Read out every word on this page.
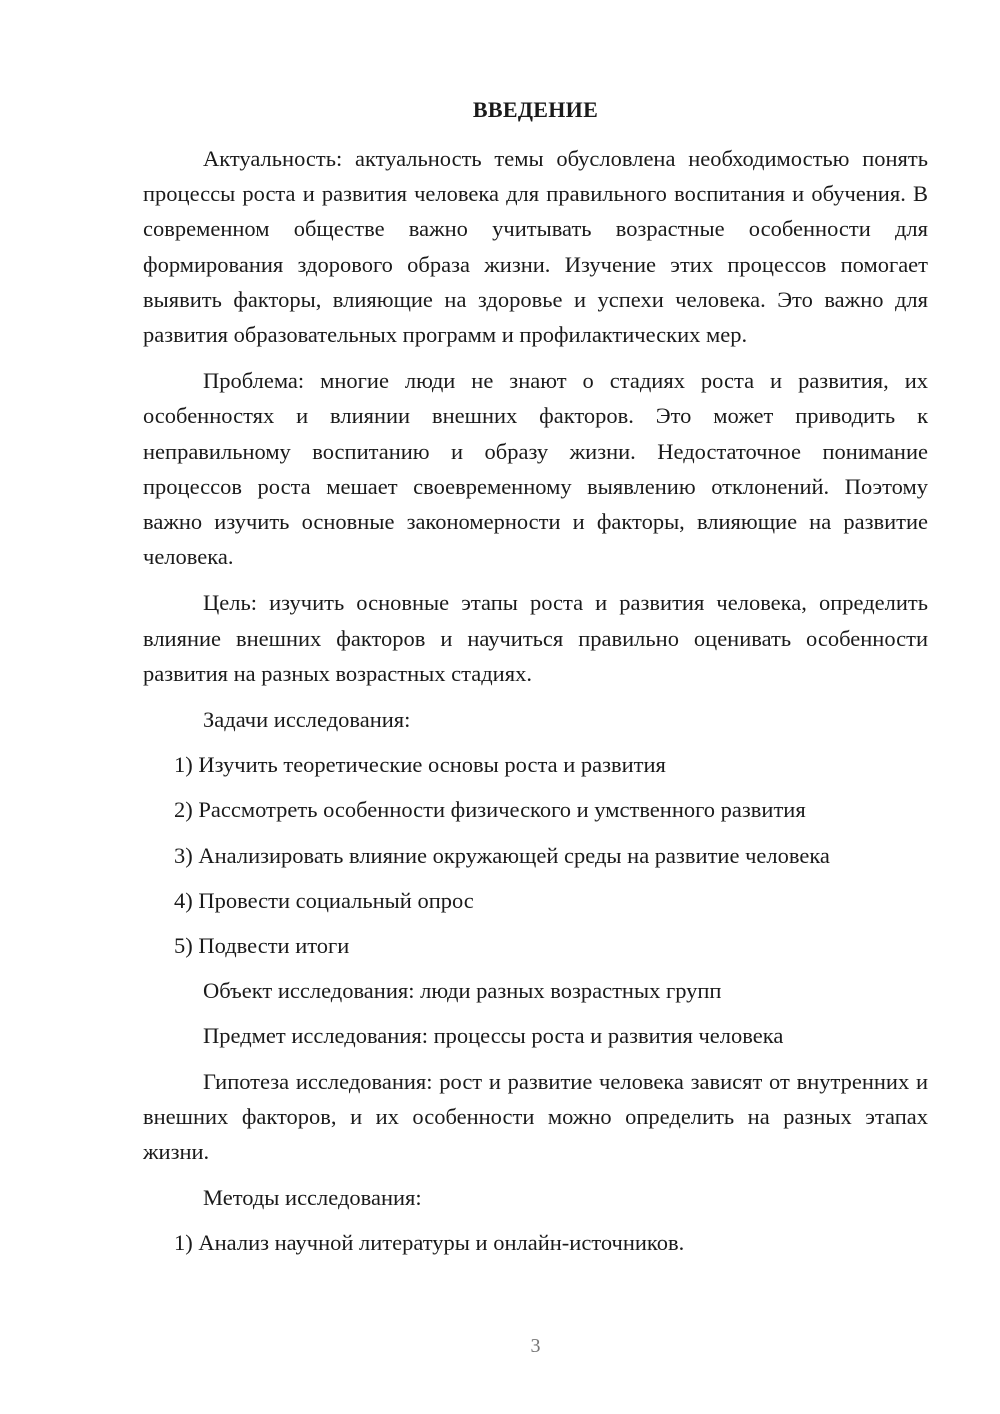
ВВЕДЕНИЕ

Актуальность: актуальность темы обусловлена необходимостью понять процессы роста и развития человека для правильного воспитания и обучения. В современном обществе важно учитывать возрастные особенности для формирования здорового образа жизни. Изучение этих процессов помогает выявить факторы, влияющие на здоровье и успехи человека. Это важно для развития образовательных программ и профилактических мер.

Проблема: многие люди не знают о стадиях роста и развития, их особенностях и влиянии внешних факторов. Это может приводить к неправильному воспитанию и образу жизни. Недостаточное понимание процессов роста мешает своевременному выявлению отклонений. Поэтому важно изучить основные закономерности и факторы, влияющие на развитие человека.

Цель: изучить основные этапы роста и развития человека, определить влияние внешних факторов и научиться правильно оценивать особенности развития на разных возрастных стадиях.

Задачи исследования:

1) Изучить теоретические основы роста и развития

2) Рассмотреть особенности физического и умственного развития

3) Анализировать влияние окружающей среды на развитие человека

4) Провести социальный опрос

5) Подвести итоги

Объект исследования: люди разных возрастных групп

Предмет исследования: процессы роста и развития человека

Гипотеза исследования: рост и развитие человека зависят от внутренних и внешних факторов, и их особенности можно определить на разных этапах жизни.

Методы исследования:

1) Анализ научной литературы и онлайн-источников.

3
